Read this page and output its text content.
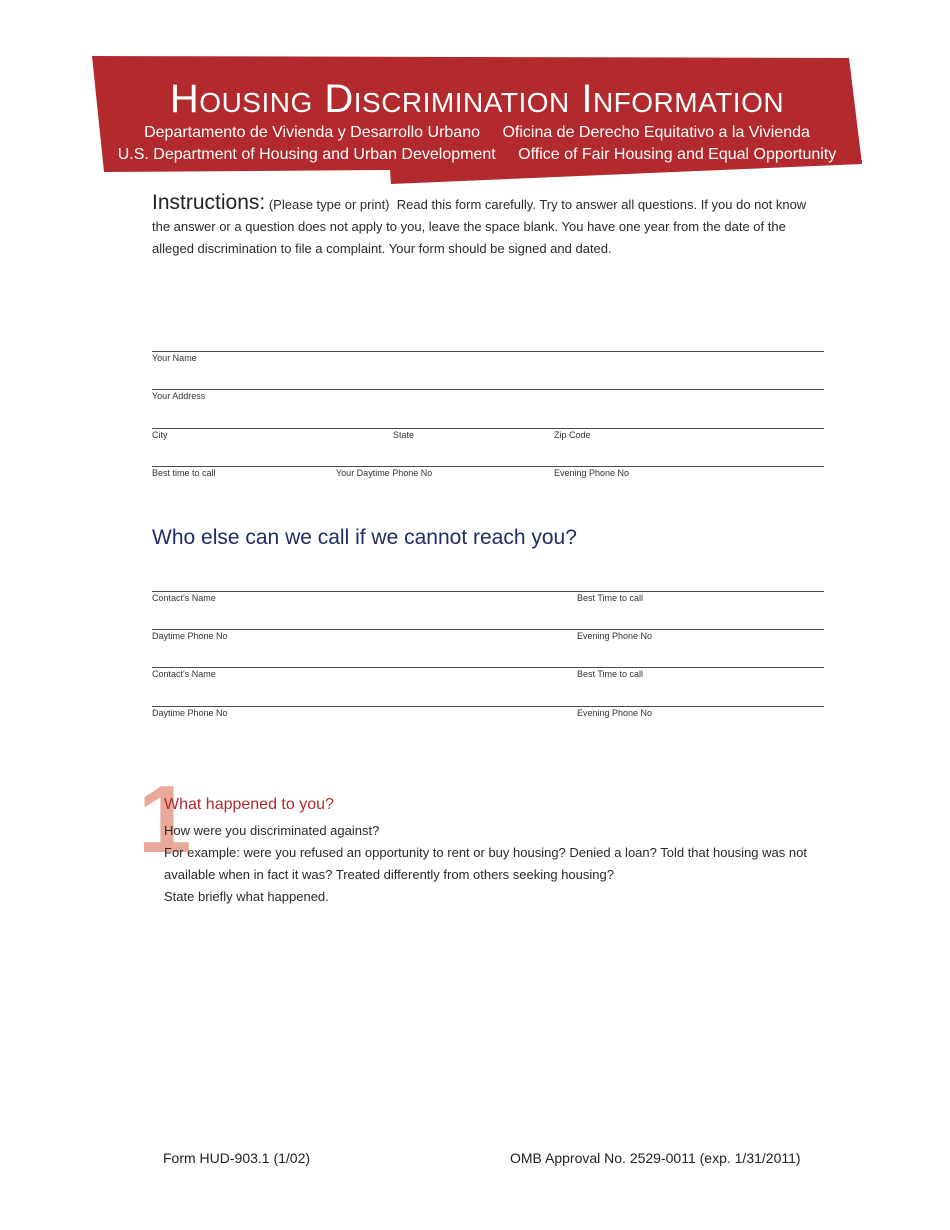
Housing Discrimination Information
Departamento de Vivienda y Desarrollo Urbano Oficina de Derecho Equitativo a la Vivienda
U.S. Department of Housing and Urban Development Office of Fair Housing and Equal Opportunity
Instructions: (Please type or print) Read this form carefully. Try to answer all questions. If you do not know the answer or a question does not apply to you, leave the space blank. You have one year from the date of the alleged discrimination to file a complaint. Your form should be signed and dated.
Your Name
Your Address
City	State	Zip Code
Best time to call	Your Daytime Phone No	Evening Phone No
Who else can we call if we cannot reach you?
Contact's Name	Best Time to call
Daytime Phone No	Evening Phone No
Contact's Name	Best Time to call
Daytime Phone No	Evening Phone No
1
What happened to you?
How were you discriminated against?
For example: were you refused an opportunity to rent or buy housing? Denied a loan? Told that housing was not available when in fact it was? Treated differently from others seeking housing?
State briefly what happened.
Form HUD-903.1 (1/02)	OMB Approval No. 2529-0011 (exp. 1/31/2011)
